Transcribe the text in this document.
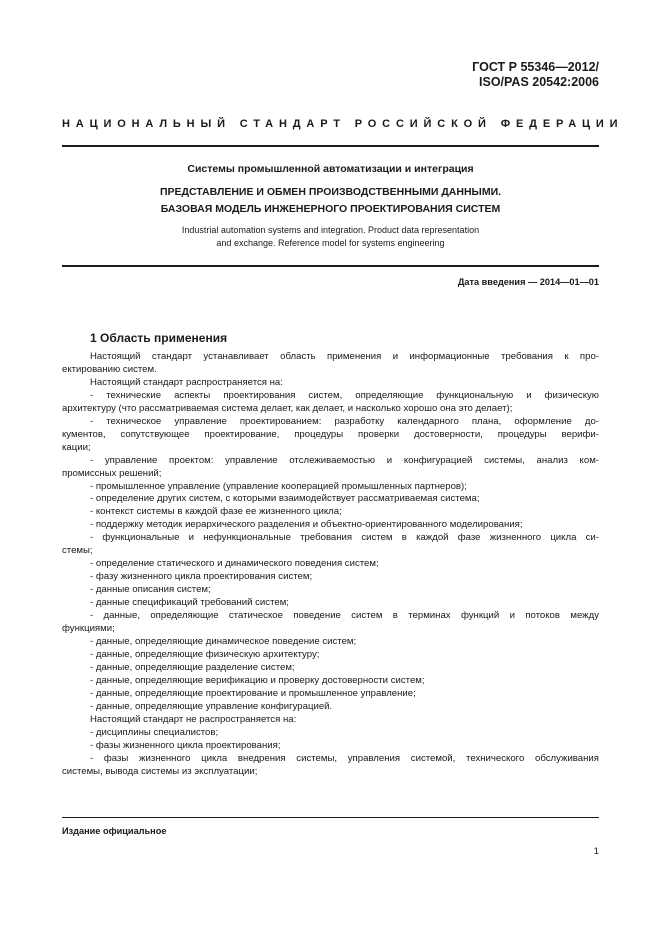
ГОСТ Р 55346—2012/
ISO/PAS 20542:2006
НАЦИОНАЛЬНЫЙ СТАНДАРТ РОССИЙСКОЙ ФЕДЕРАЦИИ
Системы промышленной автоматизации и интеграция
ПРЕДСТАВЛЕНИЕ И ОБМЕН ПРОИЗВОДСТВЕННЫМИ ДАННЫМИ.
БАЗОВАЯ МОДЕЛЬ ИНЖЕНЕРНОГО ПРОЕКТИРОВАНИЯ СИСТЕМ
Industrial automation systems and integration. Product data representation
and exchange. Reference model for systems engineering
Дата введения — 2014—01—01
1 Область применения

Настоящий стандарт устанавливает область применения и информационные требования к про-

ектированию систем.

Настоящий стандарт распространяется на:

- технические аспекты проектирования систем, определяющие функциональную и физическую

архитектуру (что рассматриваемая система делает, как делает, и насколько хорошо она это делает);

- техническое управление проектированием: разработку календарного плана, оформление до-

кументов, сопутствующее проектирование, процедуры проверки достоверности, процедуры верифи-

кации;

- управление проектом: управление отслеживаемостью и конфигурацией системы, анализ ком-

промиссных решений;

- промышленное управление (управление кооперацией промышленных партнеров);

- определение других систем, с которыми взаимодействует рассматриваемая система;

- контекст системы в каждой фазе ее жизненного цикла;

- поддержку методик иерархического разделения и объектно-ориентированного моделирования;

- функциональные и нефункциональные требования систем в каждой фазе жизненного цикла си-

стемы;

- определение статического и динамического поведения систем;

- фазу жизненного цикла проектирования систем;

- данные описания систем;

- данные спецификаций требований систем;

- данные, определяющие статическое поведение систем в терминах функций и потоков между

функциями;

- данные, определяющие динамическое поведение систем;

- данные, определяющие физическую архитектуру;

- данные, определяющие разделение систем;

- данные, определяющие верификацию и проверку достоверности систем;

- данные, определяющие проектирование и промышленное управление;

- данные, определяющие управление конфигурацией.

Настоящий стандарт не распространяется на:

- дисциплины специалистов;

- фазы жизненного цикла проектирования;

- фазы жизненного цикла внедрения системы, управления системой, технического обслуживания

системы, вывода системы из эксплуатации;

Издание официальное
1
